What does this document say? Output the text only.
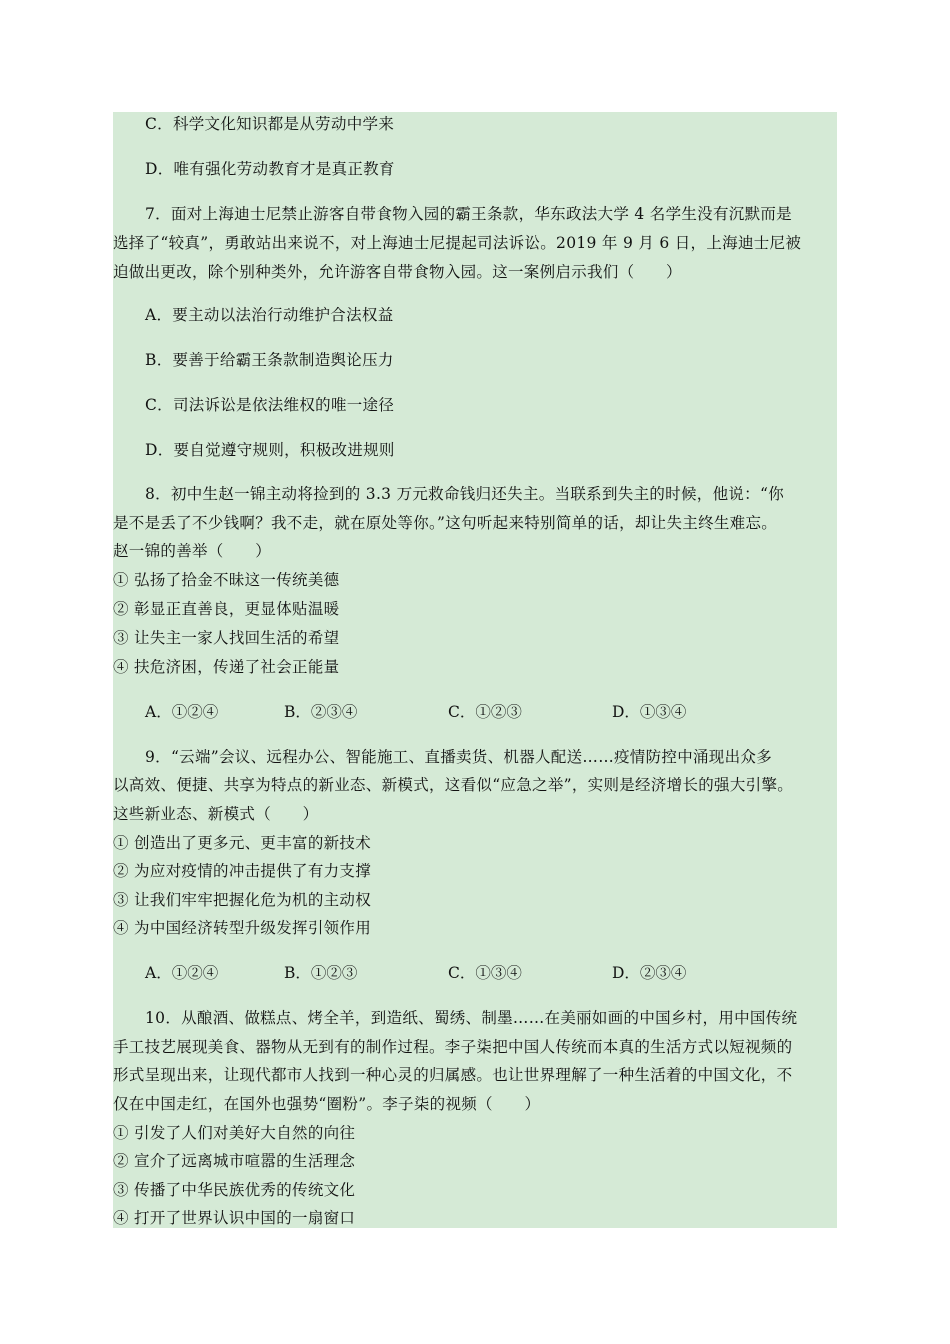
C．科学文化知识都是从劳动中学来
D．唯有强化劳动教育才是真正教育
7．面对上海迪士尼禁止游客自带食物入园的霸王条款，华东政法大学 4 名学生没有沉默而是
选择了“较真”，勇敢站出来说不，对上海迪士尼提起司法诉讼。2019 年 9 月 6 日，上海迪士尼被
迫做出更改，除个别种类外，允许游客自带食物入园。这一案例启示我们（　　）
A．要主动以法治行动维护合法权益
B．要善于给霸王条款制造舆论压力
C．司法诉讼是依法维权的唯一途径
D．要自觉遵守规则，积极改进规则
8．初中生赵一锦主动将捡到的 3.3 万元救命钱归还失主。当联系到失主的时候，他说：“你
是不是丢了不少钱啊？我不走，就在原处等你。”这句听起来特别简单的话，却让失主终生难忘。
赵一锦的善举（　　）
① 弘扬了拾金不昧这一传统美德
② 彰显正直善良，更显体贴温暖
③ 让失主一家人找回生活的希望
④ 扶危济困，传递了社会正能量
A．①②④	B．②③④	C．①②③	D．①③④
9．“云端”会议、远程办公、智能施工、直播卖货、机器人配送……疫情防控中涌现出众多
以高效、便捷、共享为特点的新业态、新模式，这看似“应急之举”，实则是经济增长的强大引擎。
这些新业态、新模式（　　）
① 创造出了更多元、更丰富的新技术
② 为应对疫情的冲击提供了有力支撑
③ 让我们牢牢把握化危为机的主动权
④ 为中国经济转型升级发挥引领作用
A．①②④	B．①②③	C．①③④	D．②③④
10．从酿酒、做糕点、烤全羊，到造纸、蜀绣、制墨……在美丽如画的中国乡村，用中国传统
手工技艺展现美食、器物从无到有的制作过程。李子柒把中国人传统而本真的生活方式以短视频的
形式呈现出来，让现代都市人找到一种心灵的归属感。也让世界理解了一种生活着的中国文化，不
仅在中国走红，在国外也强势“圈粉”。李子柒的视频（　　）
① 引发了人们对美好大自然的向往
② 宣介了远离城市喧嚣的生活理念
③ 传播了中华民族优秀的传统文化
④ 打开了世界认识中国的一扇窗口
